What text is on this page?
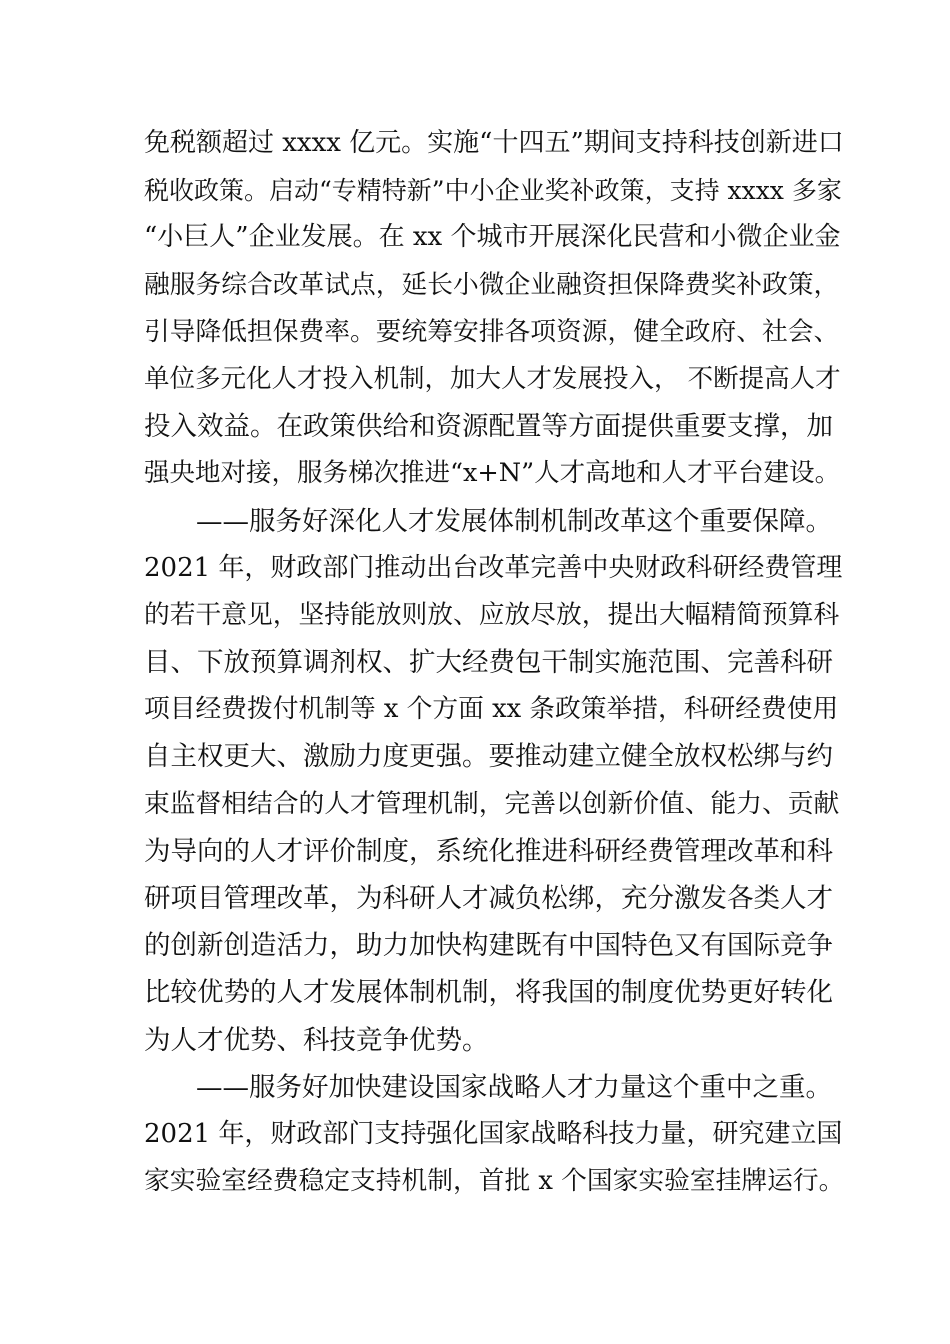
免税额超过 xxxx 亿元。实施“十四五”期间支持科技创新进口

税收政策。启动“专精特新”中小企业奖补政策，支持 xxxx 多家

“小巨人”企业发展。在 xx 个城市开展深化民营和小微企业金

融服务综合改革试点，延长小微企业融资担保降费奖补政策，

引导降低担保费率。要统筹安排各项资源，健全政府、社会、

单位多元化人才投入机制，加大人才发展投入， 不断提高人才

投入效益。在政策供给和资源配置等方面提供重要支撑，加

强央地对接，服务梯次推进“x+N”人才高地和人才平台建设。

——服务好深化人才发展体制机制改革这个重要保障。

2021 年，财政部门推动出台改革完善中央财政科研经费管理

的若干意见，坚持能放则放、应放尽放，提出大幅精简预算科

目、下放预算调剂权、扩大经费包干制实施范围、完善科研

项目经费拨付机制等 x 个方面 xx 条政策举措，科研经费使用

自主权更大、激励力度更强。要推动建立健全放权松绑与约

束监督相结合的人才管理机制，完善以创新价值、能力、贡献

为导向的人才评价制度，系统化推进科研经费管理改革和科

研项目管理改革，为科研人才减负松绑，充分激发各类人才

的创新创造活力，助力加快构建既有中国特色又有国际竞争

比较优势的人才发展体制机制，将我国的制度优势更好转化

为人才优势、科技竞争优势。

——服务好加快建设国家战略人才力量这个重中之重。

2021 年，财政部门支持强化国家战略科技力量，研究建立国

家实验室经费稳定支持机制，首批 x 个国家实验室挂牌运行。
